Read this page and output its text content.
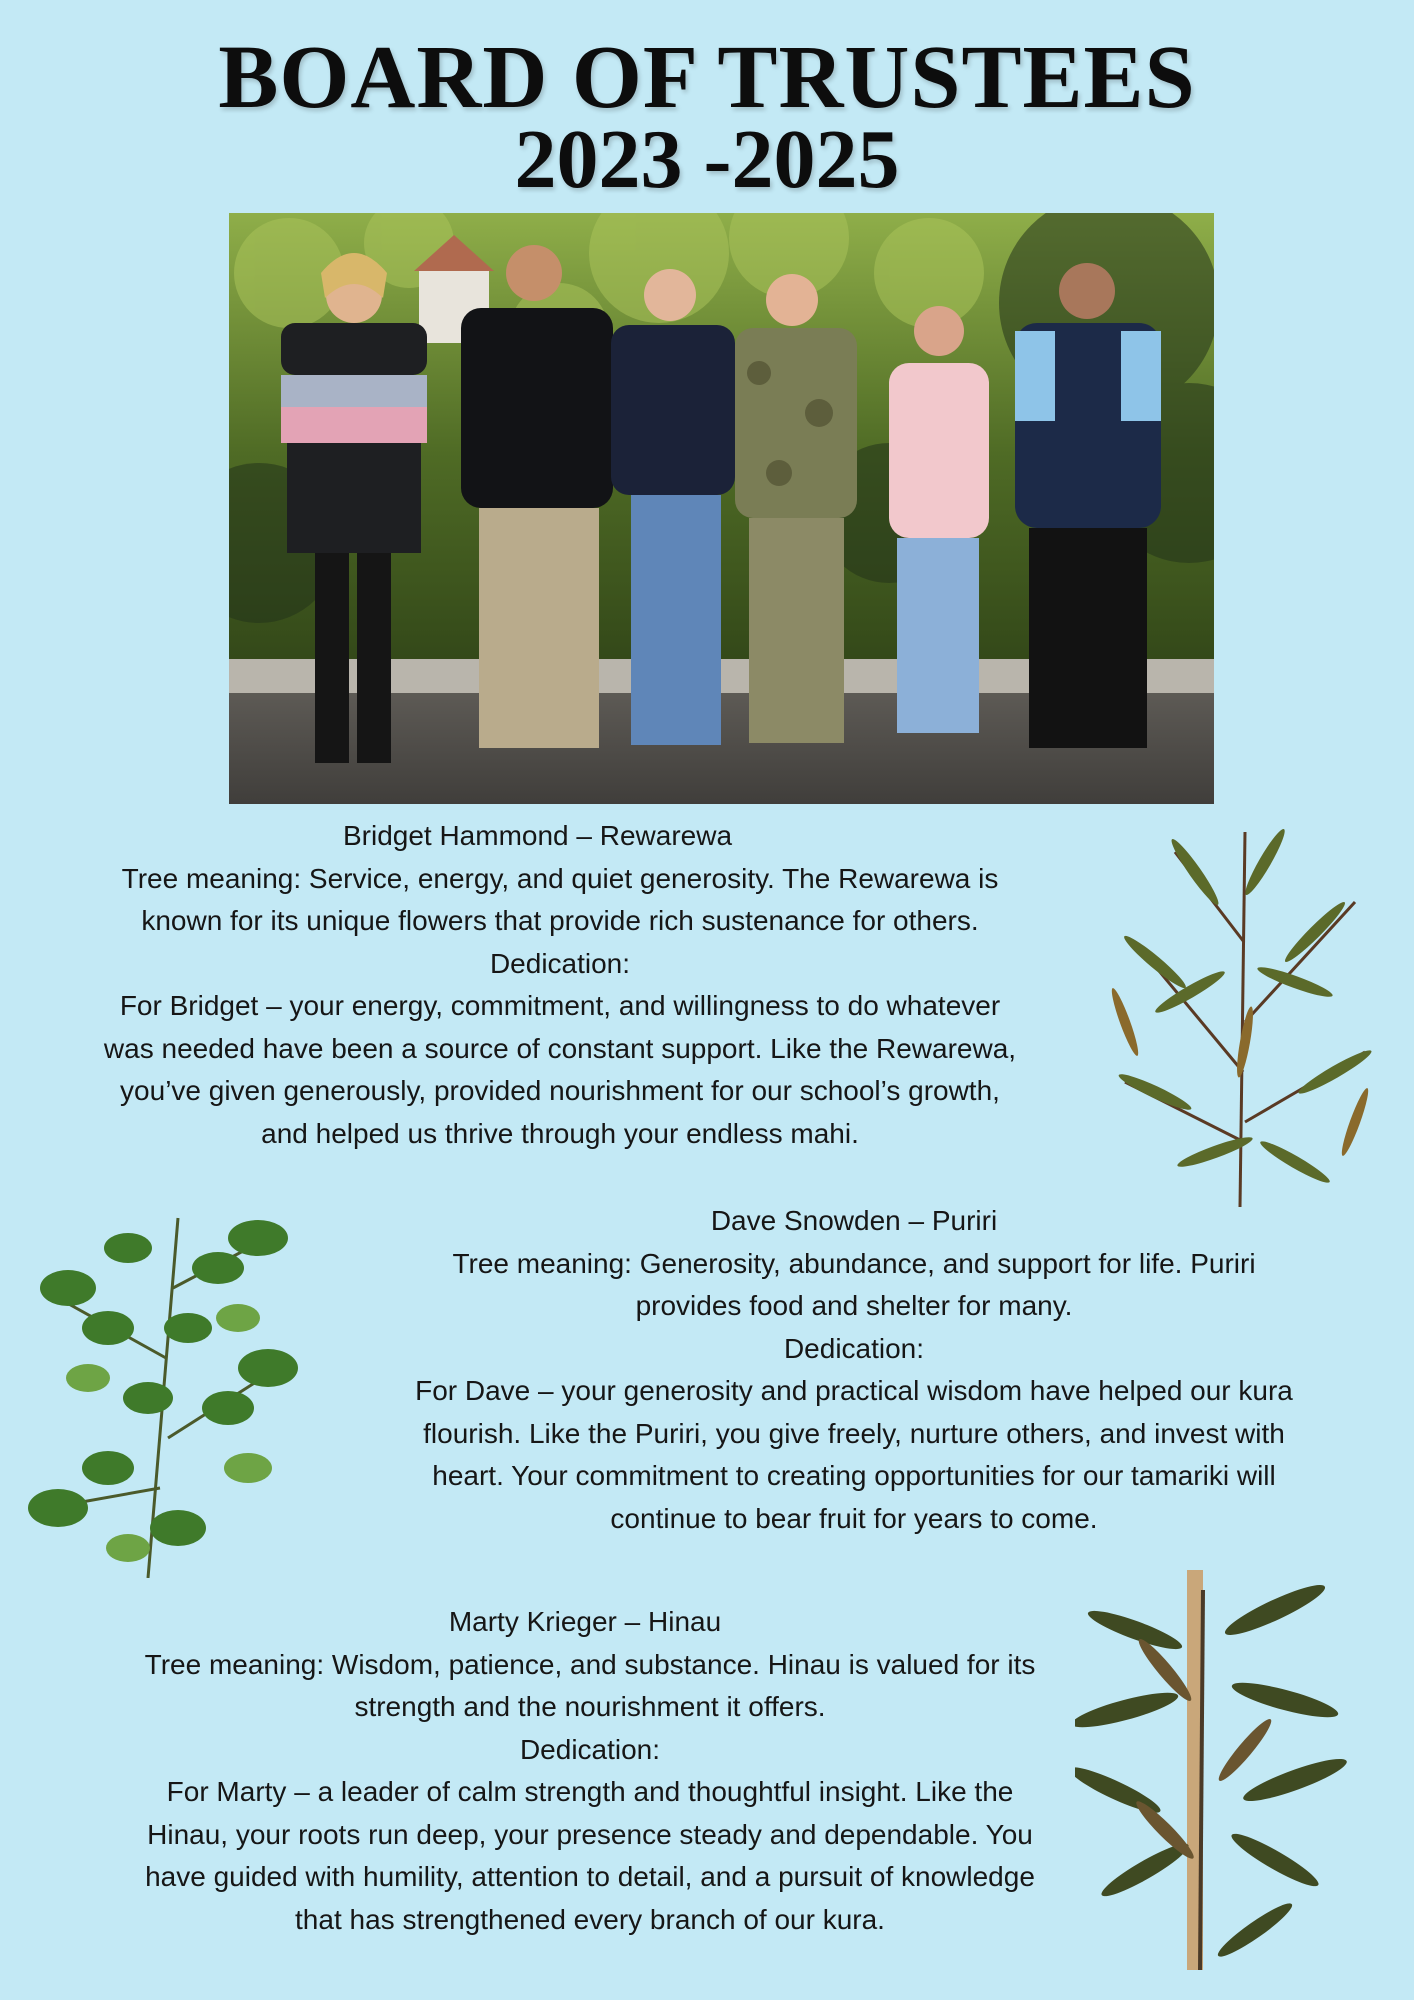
BOARD OF TRUSTEES
2023 -2025

Bridget Hammond – Rewarewa

Tree meaning: Service, energy, and quiet generosity. The Rewarewa is

known for its unique flowers that provide rich sustenance for others.

Dedication:

For Bridget – your energy, commitment, and willingness to do whatever

was needed have been a source of constant support. Like the Rewarewa,

you’ve given generously, provided nourishment for our school’s growth,

and helped us thrive through your endless mahi.

Dave Snowden – Puriri

Tree meaning: Generosity, abundance, and support for life. Puriri

provides food and shelter for many.

Dedication:

For Dave – your generosity and practical wisdom have helped our kura

flourish. Like the Puriri, you give freely, nurture others, and invest with

heart. Your commitment to creating opportunities for our tamariki will

continue to bear fruit for years to come.

Marty Krieger – Hinau

Tree meaning: Wisdom, patience, and substance. Hinau is valued for its

strength and the nourishment it offers.

Dedication:

For Marty – a leader of calm strength and thoughtful insight. Like the

Hinau, your roots run deep, your presence steady and dependable. You

have guided with humility, attention to detail, and a pursuit of knowledge

that has strengthened every branch of our kura.
